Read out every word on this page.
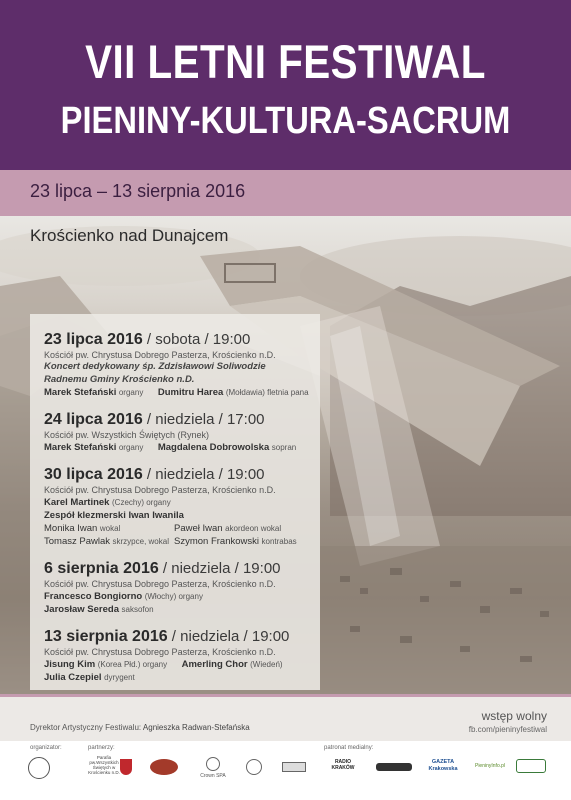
VII LETNI FESTIWAL
PIENINY-KULTURA-SACRUM
23 lipca – 13 sierpnia 2016
Krościenko nad Dunajcem
23 lipca 2016 / sobota / 19:00
Kościół pw. Chrystusa Dobrego Pasterza, Krościenko n.D.
Koncert dedykowany śp. Zdzisławowi Soliwodzie
Radnemu Gminy Krościenko n.D.
Marek Stefański organy Dumitru Harea (Mołdawia) fletnia pana
24 lipca 2016 / niedziela / 17:00
Kościół pw. Wszystkich Świętych (Rynek)
Marek Stefański organy Magdalena Dobrowolska sopran
30 lipca 2016 / niedziela / 19:00
Kościół pw. Chrystusa Dobrego Pasterza, Krościenko n.D.
Karel Martinek (Czechy) organy
Zespół klezmerski Iwan Iwanila
Monika Iwan wokal	Paweł Iwan akordeon wokal
Tomasz Pawlak skrzypce, wokal Szymon Frankowski kontrabas
6 sierpnia 2016 / niedziela / 19:00
Kościół pw. Chrystusa Dobrego Pasterza, Krościenko n.D.
Francesco Bongiorno (Włochy) organy
Jarosław Sereda saksofon
13 sierpnia 2016 / niedziela / 19:00
Kościół pw. Chrystusa Dobrego Pasterza, Krościenko n.D.
Jisung Kim (Korea Płd.) organy Amerling Chor (Wiedeń)
Julia Czepiel dyrygent
Dyrektor Artystyczny Festiwalu: Agnieszka Radwan-Stefańska
wstęp wolny
fb.com/pieninyfestiwal
organizator:	partnerzy:	patronat medialny:
Parafia pw.Wszystkich Świętych w Krościenku n.D.
Crown SPA
RADIO KRAKÓW
GAZETA Krakowska	PieninyInfo.pl
